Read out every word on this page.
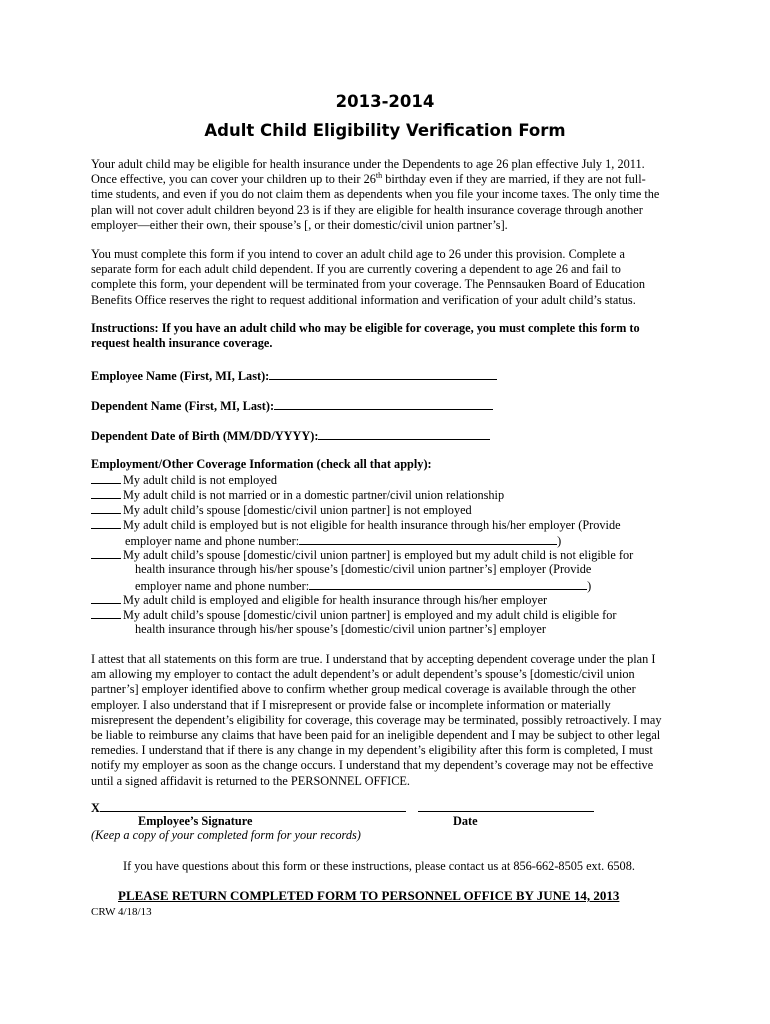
2013-2014
Adult Child Eligibility Verification Form
Your adult child may be eligible for health insurance under the Dependents to age 26 plan effective July 1, 2011.
Once effective, you can cover your children up to their 26th birthday even if they are married, if they are not full-
time students, and even if you do not claim them as dependents when you file your income taxes. The only time the
plan will not cover adult children beyond 23 is if they are eligible for health insurance coverage through another
employer—either their own, their spouse’s [, or their domestic/civil union partner’s].
You must complete this form if you intend to cover an adult child age to 26 under this provision. Complete a
separate form for each adult child dependent. If you are currently covering a dependent to age 26 and fail to
complete this form, your dependent will be terminated from your coverage. The Pennsauken Board of Education
Benefits Office reserves the right to request additional information and verification of your adult child’s status.
Instructions: If you have an adult child who may be eligible for coverage, you must complete this form to
request health insurance coverage.
Employee Name (First, MI, Last):
Dependent Name (First, MI, Last):
Dependent Date of Birth (MM/DD/YYYY):
Employment/Other Coverage Information (check all that apply):
My adult child is not employed
My adult child is not married or in a domestic partner/civil union relationship
My adult child’s spouse [domestic/civil union partner] is not employed
My adult child is employed but is not eligible for health insurance through his/her employer (Provide
employer name and phone number:	)
My adult child’s spouse [domestic/civil union partner] is employed but my adult child is not eligible for
health insurance through his/her spouse’s [domestic/civil union partner’s] employer (Provide
employer name and phone number:	)
My adult child is employed and eligible for health insurance through his/her employer
My adult child’s spouse [domestic/civil union partner] is employed and my adult child is eligible for
health insurance through his/her spouse’s [domestic/civil union partner’s] employer
I attest that all statements on this form are true. I understand that by accepting dependent coverage under the plan I
am allowing my employer to contact the adult dependent’s or adult dependent’s spouse’s [domestic/civil union
partner’s] employer identified above to confirm whether group medical coverage is available through the other
employer. I also understand that if I misrepresent or provide false or incomplete information or materially
misrepresent the dependent’s eligibility for coverage, this coverage may be terminated, possibly retroactively. I may
be liable to reimburse any claims that have been paid for an ineligible dependent and I may be subject to other legal
remedies. I understand that if there is any change in my dependent’s eligibility after this form is completed, I must
notify my employer as soon as the change occurs. I understand that my dependent’s coverage may not be effective
until a signed affidavit is returned to the PERSONNEL OFFICE.
X
Employee’s Signature	Date
(Keep a copy of your completed form for your records)
If you have questions about this form or these instructions, please contact us at 856-662-8505 ext. 6508.
PLEASE RETURN COMPLETED FORM TO PERSONNEL OFFICE BY JUNE 14, 2013
CRW 4/18/13
